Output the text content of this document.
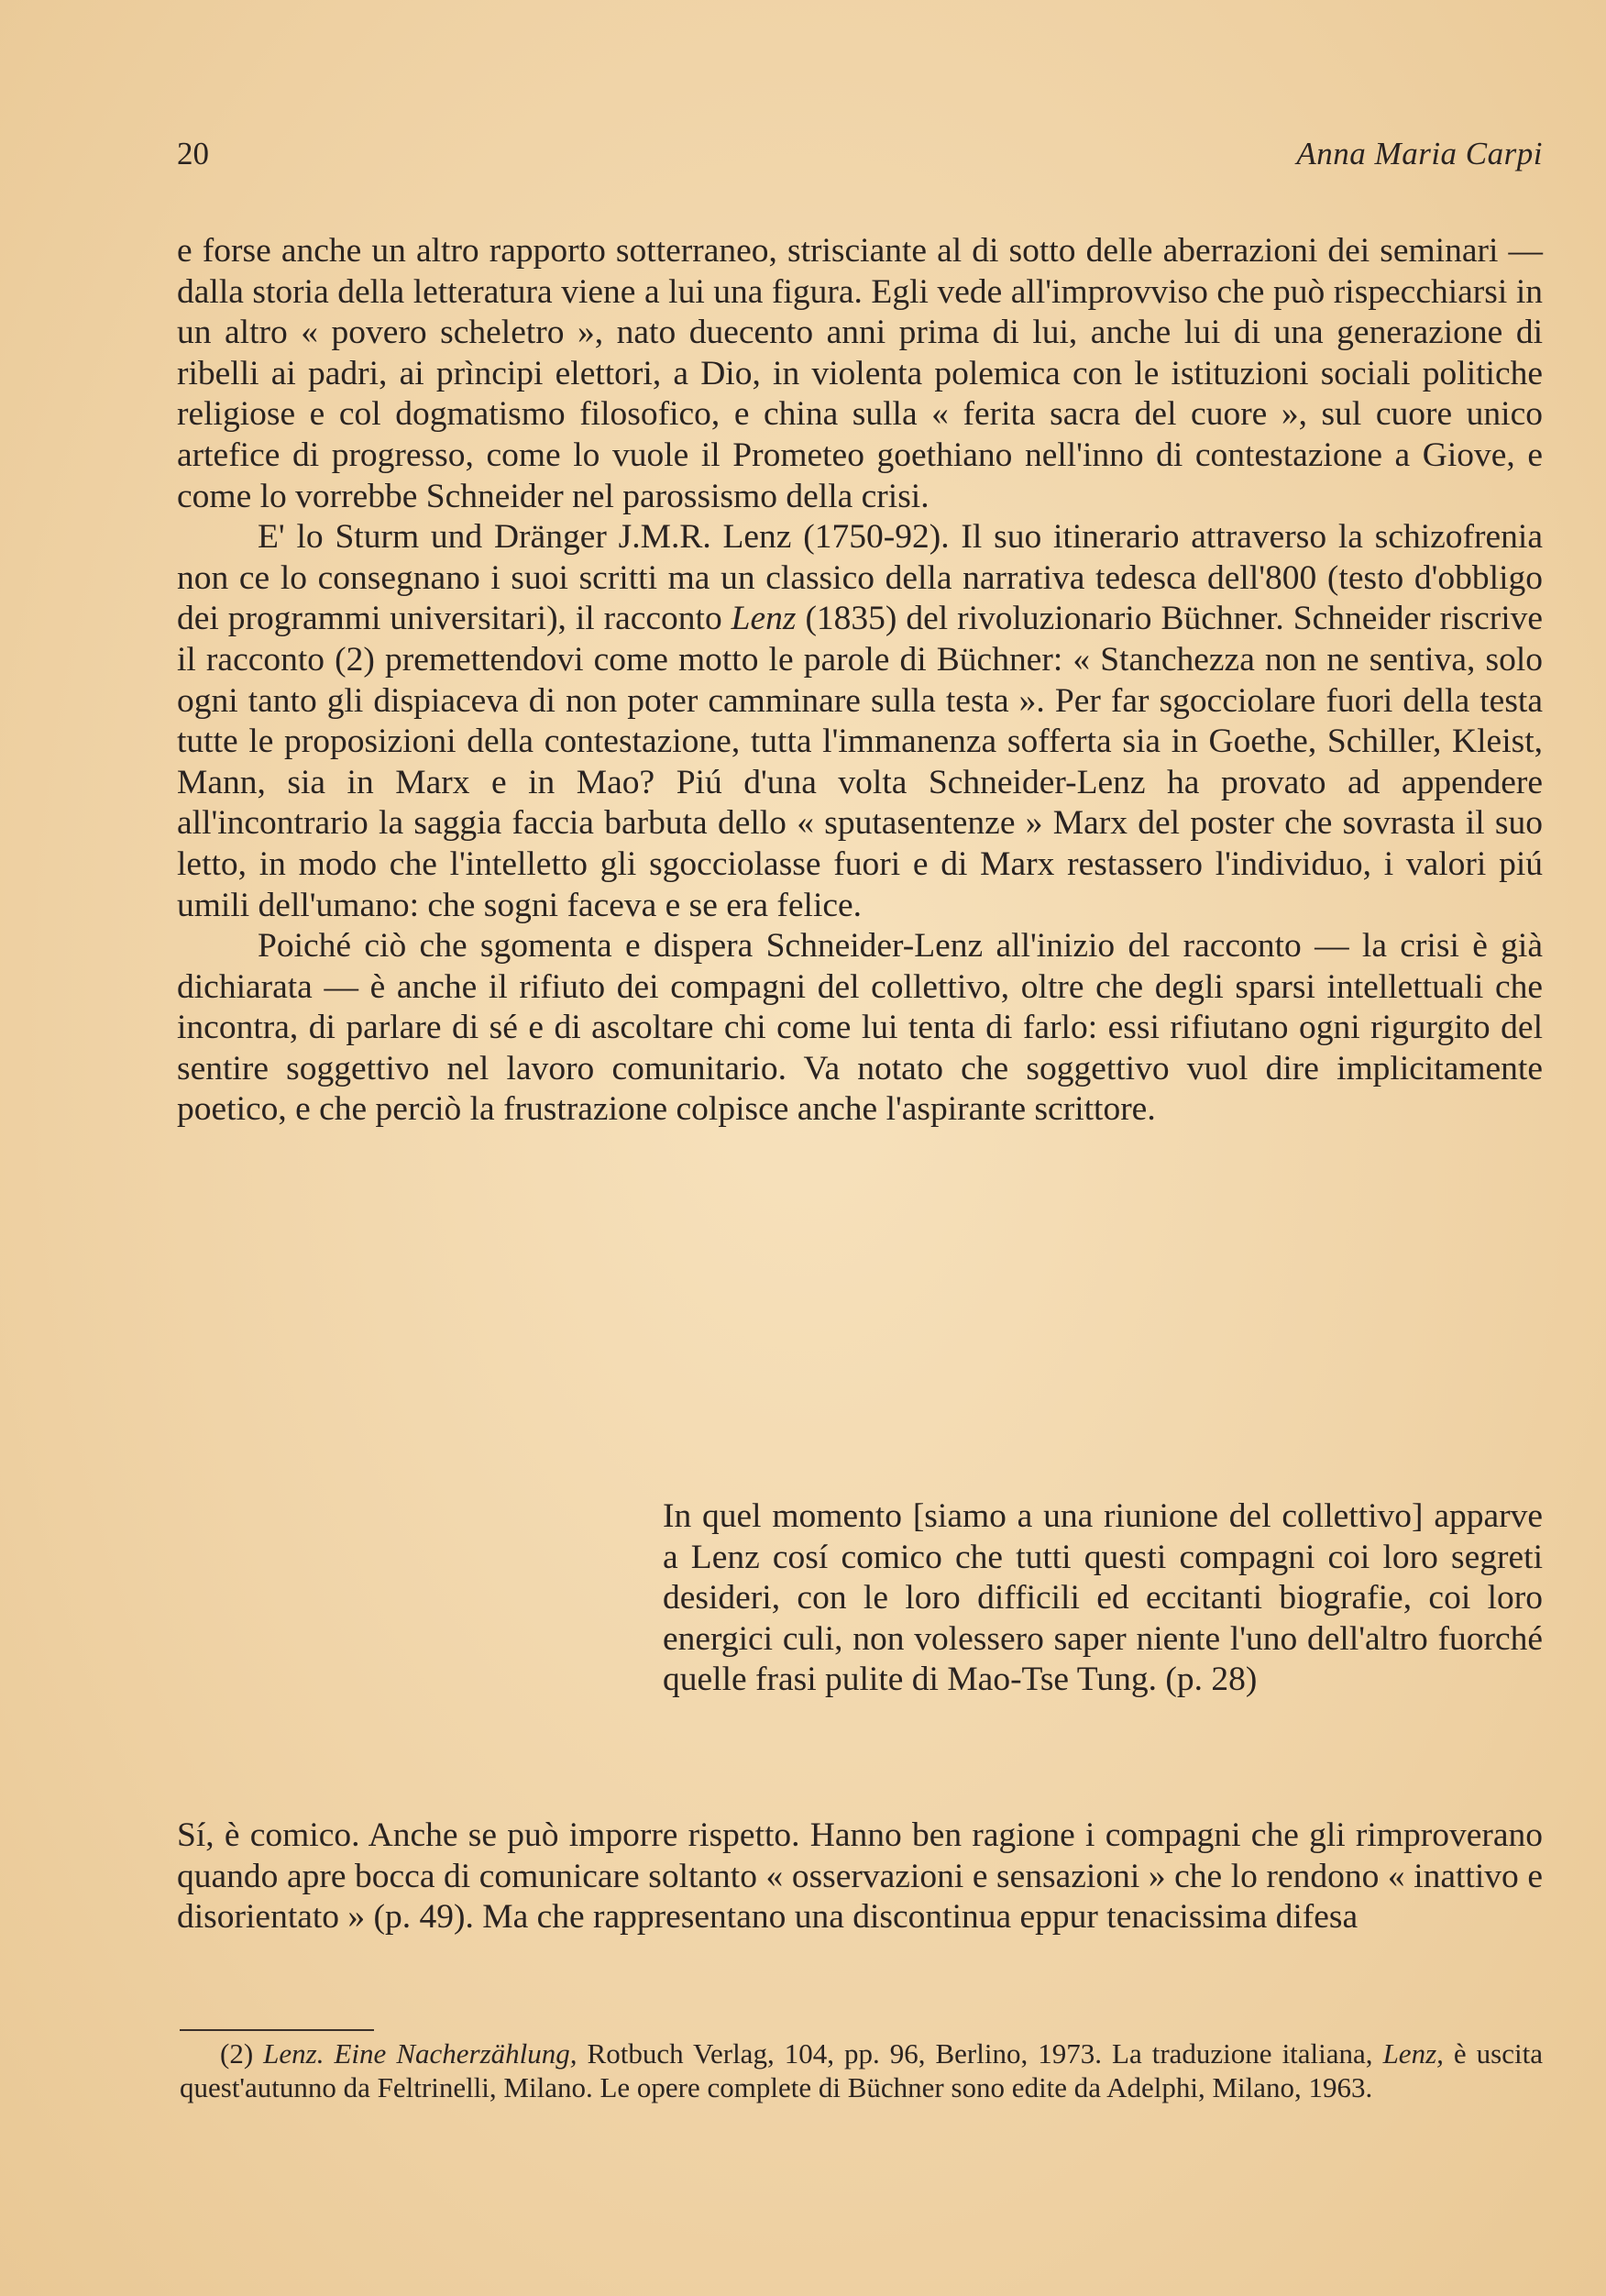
20	Anna Maria Carpi

e forse anche un altro rapporto sotterraneo, strisciante al di sotto delle aberrazioni dei seminari — dalla storia della letteratura viene a lui una figura. Egli vede all'improvviso che può rispecchiarsi in un altro « povero scheletro », nato duecento anni prima di lui, anche lui di una generazione di ribelli ai padri, ai prìncipi elettori, a Dio, in violenta polemica con le istituzioni sociali politiche religiose e col dogmatismo filosofico, e china sulla « ferita sacra del cuore », sul cuore unico artefice di progresso, come lo vuole il Prometeo goethiano nell'inno di contestazione a Giove, e come lo vorrebbe Schneider nel parossismo della crisi.

E' lo Sturm und Dränger J.M.R. Lenz (1750-92). Il suo itinerario attraverso la schizofrenia non ce lo consegnano i suoi scritti ma un classico della narrativa tedesca dell'800 (testo d'obbligo dei programmi universitari), il racconto Lenz (1835) del rivoluzionario Büchner. Schneider riscrive il racconto (2) premettendovi come motto le parole di Büchner: « Stanchezza non ne sentiva, solo ogni tanto gli dispiaceva di non poter camminare sulla testa ». Per far sgocciolare fuori della testa tutte le proposizioni della contestazione, tutta l'immanenza sofferta sia in Goethe, Schiller, Kleist, Mann, sia in Marx e in Mao? Piú d'una volta Schneider-Lenz ha provato ad appendere all'incontrario la saggia faccia barbuta dello « sputasentenze » Marx del poster che sovrasta il suo letto, in modo che l'intelletto gli sgocciolasse fuori e di Marx restassero l'individuo, i valori piú umili dell'umano: che sogni faceva e se era felice.

Poiché ciò che sgomenta e dispera Schneider-Lenz all'inizio del racconto — la crisi è già dichiarata — è anche il rifiuto dei compagni del collettivo, oltre che degli sparsi intellettuali che incontra, di parlare di sé e di ascoltare chi come lui tenta di farlo: essi rifiutano ogni rigurgito del sentire soggettivo nel lavoro comunitario. Va notato che soggettivo vuol dire implicitamente poetico, e che perciò la frustrazione colpisce anche l'aspirante scrittore.

In quel momento [siamo a una riunione del collettivo] apparve a Lenz cosí comico che tutti questi compagni coi loro segreti desideri, con le loro difficili ed eccitanti biografie, coi loro energici culi, non volessero saper niente l'uno dell'altro fuorché quelle frasi pulite di Mao-Tse Tung. (p. 28)

Sí, è comico. Anche se può imporre rispetto. Hanno ben ragione i compagni che gli rimproverano quando apre bocca di comunicare soltanto « osservazioni e sensazioni » che lo rendono « inattivo e disorientato » (p. 49). Ma che rappresentano una discontinua eppur tenacissima difesa

(2) Lenz. Eine Nacherzählung, Rotbuch Verlag, 104, pp. 96, Berlino, 1973. La traduzione italiana, Lenz, è uscita quest'autunno da Feltrinelli, Milano. Le opere complete di Büchner sono edite da Adelphi, Milano, 1963.
